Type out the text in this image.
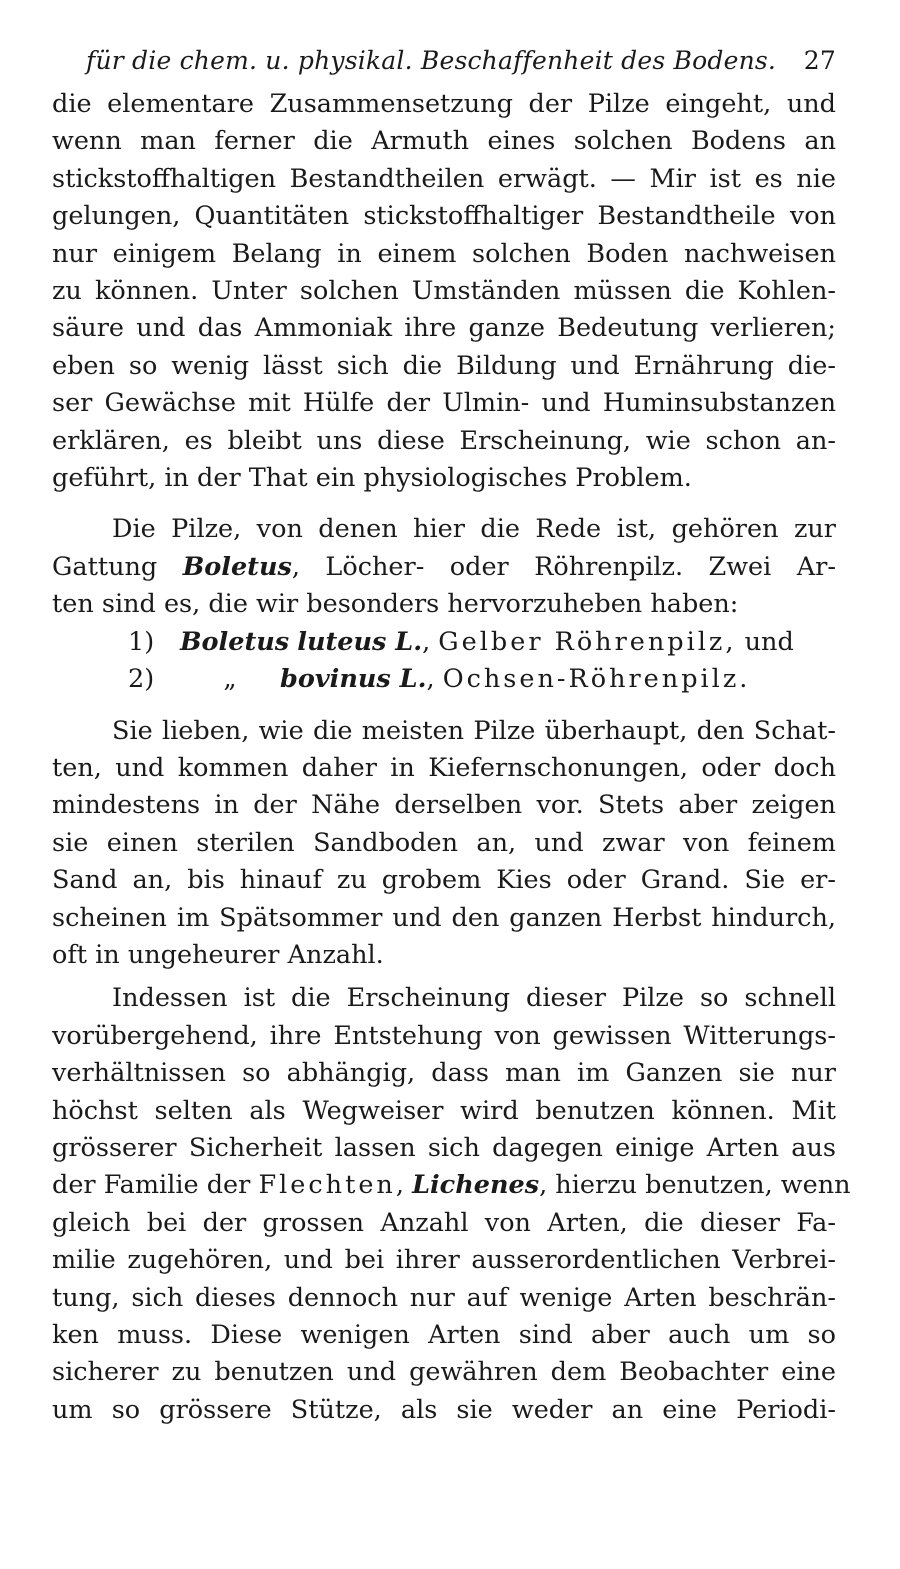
für die chem. u. physikal. Beschaffenheit des Bodens. 27
die elementare Zusammensetzung der Pilze eingeht, und
wenn man ferner die Armuth eines solchen Bodens an
stickstoffhaltigen Bestandtheilen erwägt. — Mir ist es nie
gelungen, Quantitäten stickstoffhaltiger Bestandtheile von
nur einigem Belang in einem solchen Boden nachweisen
zu können. Unter solchen Umständen müssen die Kohlen-
säure und das Ammoniak ihre ganze Bedeutung verlieren;
eben so wenig lässt sich die Bildung und Ernährung die-
ser Gewächse mit Hülfe der Ulmin- und Huminsubstanzen
erklären, es bleibt uns diese Erscheinung, wie schon an-
geführt, in der That ein physiologisches Problem.
Die Pilze, von denen hier die Rede ist, gehören zur
Gattung Boletus, Löcher- oder Röhrenpilz. Zwei Ar-
ten sind es, die wir besonders hervorzuheben haben:
1) Boletus luteus L., Gelber Röhrenpilz, und
2)	„ bovinus L., Ochsen-Röhrenpilz.
Sie lieben, wie die meisten Pilze überhaupt, den Schat-
ten, und kommen daher in Kiefernschonungen, oder doch
mindestens in der Nähe derselben vor. Stets aber zeigen
sie einen sterilen Sandboden an, und zwar von feinem
Sand an, bis hinauf zu grobem Kies oder Grand. Sie er-
scheinen im Spätsommer und den ganzen Herbst hindurch,
oft in ungeheurer Anzahl.
Indessen ist die Erscheinung dieser Pilze so schnell
vorübergehend, ihre Entstehung von gewissen Witterungs-
verhältnissen so abhängig, dass man im Ganzen sie nur
höchst selten als Wegweiser wird benutzen können. Mit
grösserer Sicherheit lassen sich dagegen einige Arten aus
der Familie der Flechten, Lichenes, hierzu benutzen, wenn
gleich bei der grossen Anzahl von Arten, die dieser Fa-
milie zugehören, und bei ihrer ausserordentlichen Verbrei-
tung, sich dieses dennoch nur auf wenige Arten beschrän-
ken muss. Diese wenigen Arten sind aber auch um so
sicherer zu benutzen und gewähren dem Beobachter eine
um so grössere Stütze, als sie weder an eine Periodi-
